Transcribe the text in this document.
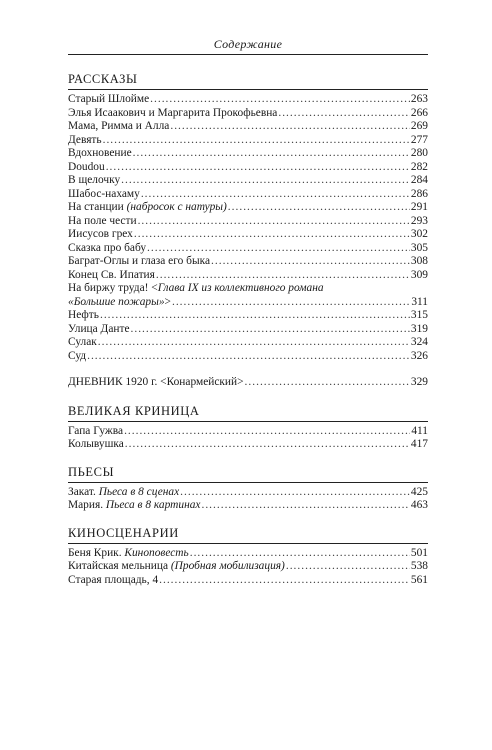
Содержание
РАССКАЗЫ
Старый Шлойме .....	263
Элья Исаакович и Маргарита Прокофьевна .....	266
Мама, Римма и Алла .....	269
Девять .....	277
Вдохновение .....	280
Doudou .....	282
В щелочку .....	284
Шабос-нахаму .....	286
На станции (набросок с натуры) .....	291
На поле чести .....	293
Иисусов грех .....	302
Сказка про бабу .....	305
Баграт-Оглы и глаза его быка .....	308
Конец Св. Ипатия .....	309
На биржу труда! <Глава IX из коллективного романа
«Большие пожары»> .....	311
Нефть .....	315
Улица Данте .....	319
Сулак .....	324
Суд .....	326
ДНЕВНИК 1920 г. <Конармейский> .....	329
ВЕЛИКАЯ КРИНИЦА
Гапа Гужва .....	411
Колывушка .....	417
ПЬЕСЫ
Закат. Пьеса в 8 сценах .....	425
Мария. Пьеса в 8 картинах .....	463
КИНОСЦЕНАРИИ
Беня Крик. Киноповесть .....	501
Китайская мельница (Пробная мобилизация) .....	538
Старая площадь, 4 .....	561
